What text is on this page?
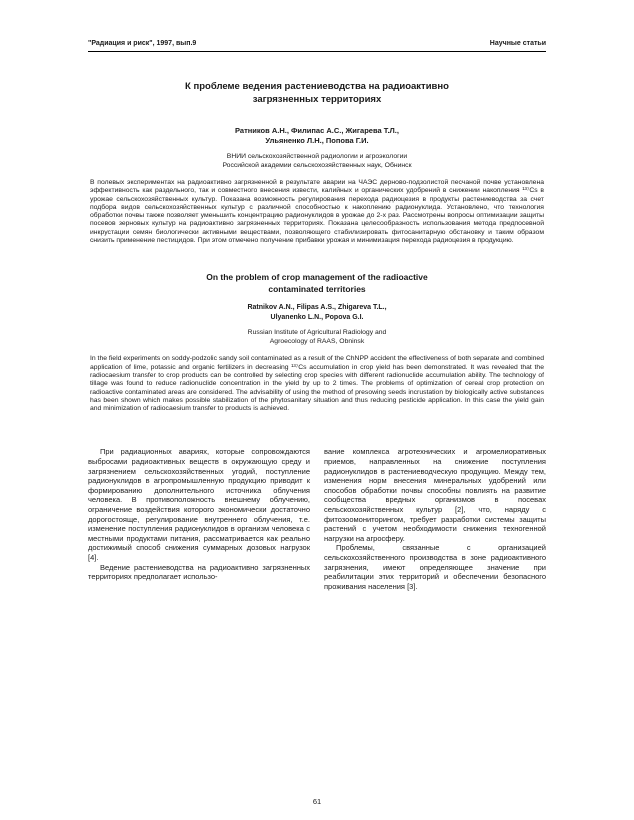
"Радиация и риск", 1997, вып.9	Научные статьи
К проблеме ведения растениеводства на радиоактивно
загрязненных территориях
Ратников А.Н., Филипас А.С., Жигарева Т.Л.,
Ульяненко Л.Н., Попова Г.И.
ВНИИ сельскохозяйственной радиологии и агроэкологии
Российской академии сельскохозяйственных наук, Обнинск

В полевых экспериментах на радиоактивно загрязненной в результате аварии на ЧАЭС дерново-подзолистой песчаной почве установлена эффективность как раздельного, так и совместного внесения извести, калийных и органических удобрений в снижении накопления ¹³⁷Cs в урожае сельскохозяйственных культур. Показана возможность регулирования перехода радиоцезия в продукты растениеводства за счет подбора видов сельскохозяйственных культур с различной способностью к накоплению радионуклида. Установлено, что технология обработки почвы также позволяет уменьшить концентрацию радионуклидов в урожае до 2-х раз. Рассмотрены вопросы оптимизации защиты посевов зерновых культур на радиоактивно загрязненных территориях. Показана целесообразность использования метода предпосевной инкрустации семян биологически активными веществами, позволяющего стабилизировать фитосанитарную обстановку и таким образом снизить применение пестицидов. При этом отмечено получение прибавки урожая и минимизация перехода радиоцезия в продукцию.

On the problem of crop management of the radioactive
contaminated territories
Ratnikov A.N., Filipas A.S., Zhigareva T.L.,
Ulyanenko L.N., Popova G.I.
Russian Institute of Agricultural Radiology and
Agroecology of RAAS, Obninsk

In the field experiments on soddy-podzolic sandy soil contaminated as a result of the ChNPP accident the effectiveness of both separate and combined application of lime, potassic and organic fertilizers in decreasing ¹³⁷Cs accumulation in crop yield has been demonstrated. It was revealed that the radiocaesium transfer to crop products can be controlled by selecting crop species with different radionuclide accumulation ability. The technology of tillage was found to reduce radionuclide concentration in the yield by up to 2 times. The problems of optimization of cereal crop protection on radioactive contaminated areas are considered. The advisability of using the method of presowing seeds incrustation by biologically active substances has been shown which makes possible stabilization of the phytosanitary situation and thus reducing pesticide application. In this case the yield gain and minimization of radiocaesium transfer to products is achieved.

При радиационных авариях, которые сопровождаются выбросами радиоактивных веществ в окружающую среду и загрязнением сельскохозяйственных угодий, поступление радионуклидов в агропромышленную продукцию приводит к формированию дополнительного источника облучения человека. В противоположность внешнему облучению, ограничение воздействия которого экономически достаточно дорогостояще, регулирование внутреннего облучения, т.е. изменение поступления радионуклидов в организм человека с местными продуктами питания, рассматривается как реально достижимый способ снижения суммарных дозовых нагрузок [4].

Ведение растениеводства на радиоактивно загрязненных территориях предполагает использо-

вание комплекса агротехнических и агромелиоративных приемов, направленных на снижение поступления радионуклидов в растениеводческую продукцию. Между тем, изменения норм внесения минеральных удобрений или способов обработки почвы способны повлиять на развитие сообщества вредных организмов в посевах сельскохозяйственных культур [2], что, наряду с фитозоомониторингом, требует разработки системы защиты растений с учетом необходимости снижения техногенной нагрузки на агросферу.

Проблемы, связанные с организацией сельскохозяйственного производства в зоне радиоактивного загрязнения, имеют определяющее значение при реабилитации этих территорий и обеспечении безопасного проживания населения [3].

61
